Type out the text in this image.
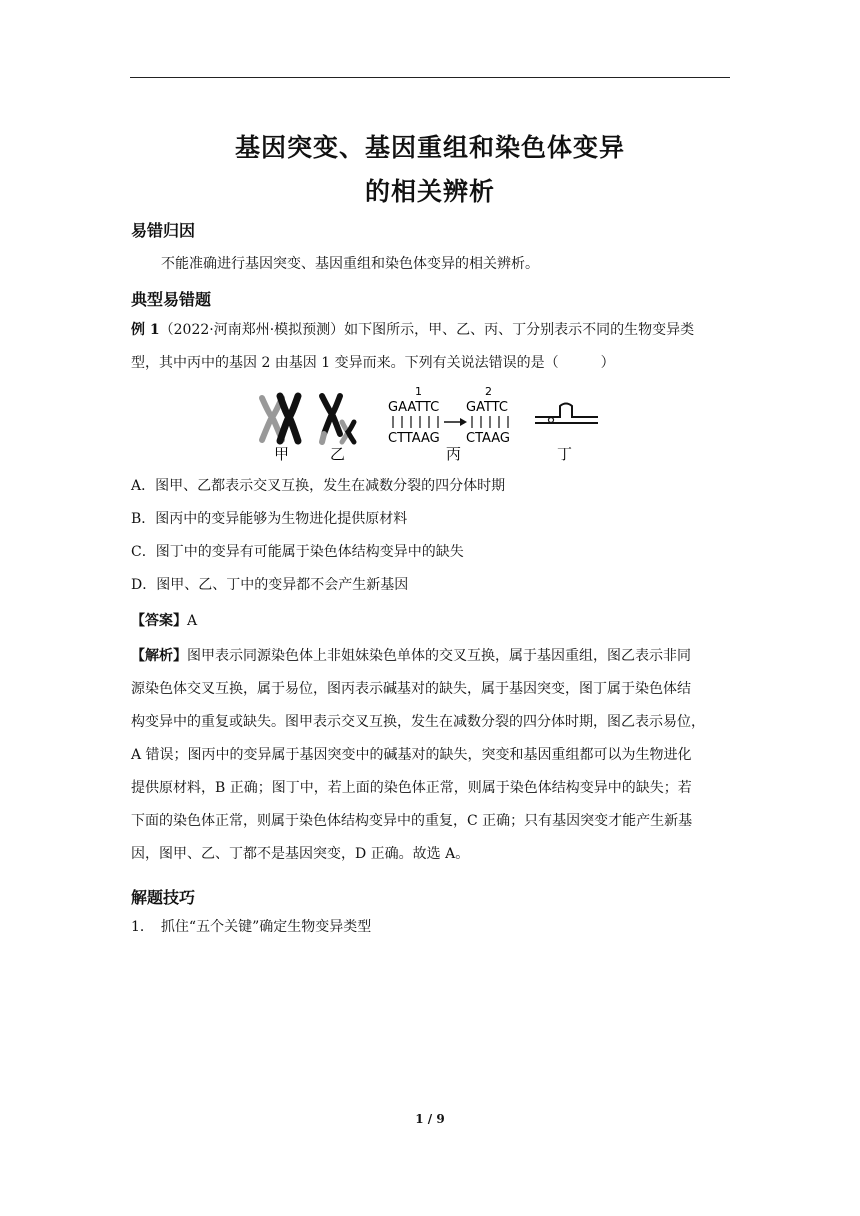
基因突变、基因重组和染色体变异
的相关辨析
易错归因
不能准确进行基因突变、基因重组和染色体变异的相关辨析。
典型易错题
例 1（2022·河南郑州·模拟预测）如下图所示，甲、乙、丙、丁分别表示不同的生物变异类
型，其中丙中的基因 2 由基因 1 变异而来。下列有关说法错误的是（　　　）
1	2
GAATTC GATTC
CTTAAG CTAAG
甲	乙	丙	丁
A．图甲、乙都表示交叉互换，发生在减数分裂的四分体时期
B．图丙中的变异能够为生物进化提供原材料
C．图丁中的变异有可能属于染色体结构变异中的缺失
D．图甲、乙、丁中的变异都不会产生新基因
【答案】A
【解析】图甲表示同源染色体上非姐妹染色单体的交叉互换，属于基因重组，图乙表示非同
源染色体交叉互换，属于易位，图丙表示碱基对的缺失，属于基因突变，图丁属于染色体结
构变异中的重复或缺失。图甲表示交叉互换，发生在减数分裂的四分体时期，图乙表示易位，
A 错误；图丙中的变异属于基因突变中的碱基对的缺失，突变和基因重组都可以为生物进化
提供原材料，B 正确；图丁中，若上面的染色体正常，则属于染色体结构变异中的缺失；若
下面的染色体正常，则属于染色体结构变异中的重复，C 正确；只有基因突变才能产生新基
因，图甲、乙、丁都不是基因突变，D 正确。故选 A。
解题技巧
1．　抓住“五个关键”确定生物变异类型
1 / 9
